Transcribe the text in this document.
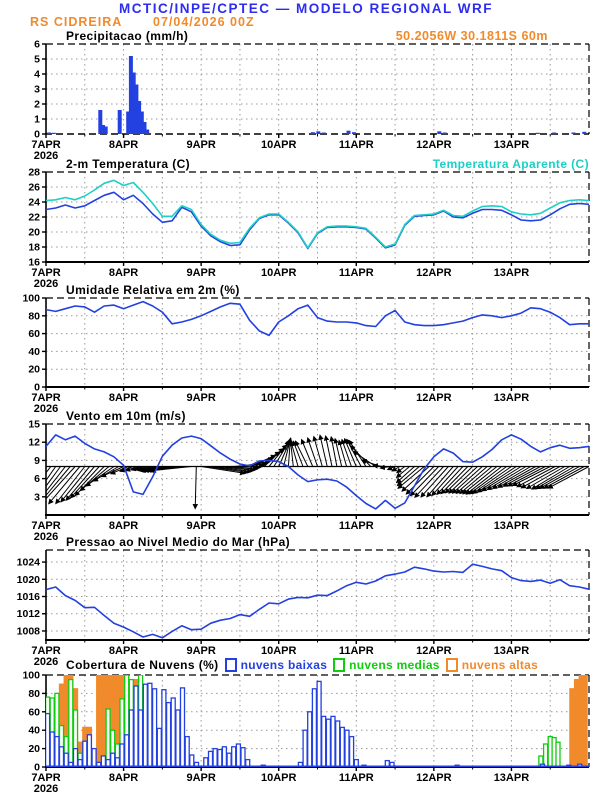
0
1
2
3
4
5
6
7APR	8APR	9APR	10APR	11APR	12APR	13APR
2026
16
18
20
22
24
26
28
7APR	8APR	9APR	10APR	11APR	12APR	13APR
2026
0
20
40
60
80
100
7APR	8APR	9APR	10APR	11APR	12APR	13APR
2026
3
6
9
12
15
7APR	8APR	9APR	10APR	11APR	12APR	13APR
2026
1008
1012
1016
1020
1024
7APR	8APR	9APR	10APR	11APR	12APR	13APR
2026
0
20
40
60
80
100
7APR	8APR	9APR	10APR	11APR	12APR	13APR
2026
MCTIC/INPE/CPTEC — MODELO REGIONAL WRF
RS CIDREIRA 07/04/2026 00Z
50.2056W 30.1811S 60m
Precipitacao (mm/h)
2-m Temperatura (C)	Temperatura Aparente (C)
Umidade Relativa em 2m (%)
Vento em 10m (m/s)
Pressao ao Nivel Medio do Mar (hPa)
Cobertura de Nuvens (%) nuvens baixas nuvens medias nuvens altas
